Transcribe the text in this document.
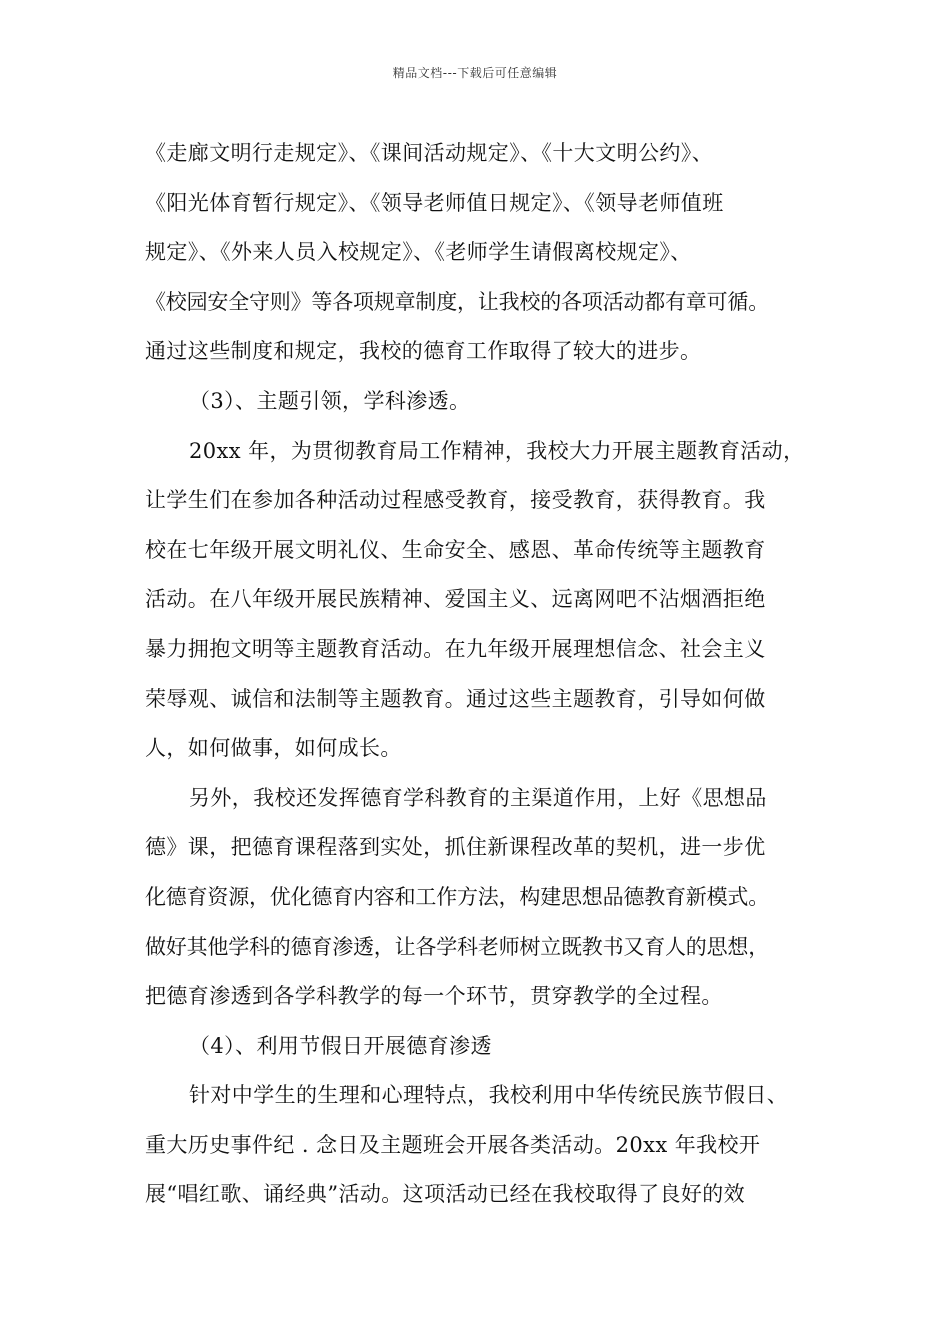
精品文档---下载后可任意编辑
《走廊文明行走规定》、《课间活动规定》、《十大文明公约》、
《阳光体育暂行规定》、《领导老师值日规定》、《领导老师值班
规定》、《外来人员入校规定》、《老师学生请假离校规定》、
《校园安全守则》等各项规章制度，让我校的各项活动都有章可循。
通过这些制度和规定，我校的德育工作取得了较大的进步。
（3）、主题引领，学科渗透。
20xx 年，为贯彻教育局工作精神，我校大力开展主题教育活动，
让学生们在参加各种活动过程感受教育，接受教育，获得教育。我
校在七年级开展文明礼仪、生命安全、感恩、革命传统等主题教育
活动。在八年级开展民族精神、爱国主义、远离网吧不沾烟酒拒绝
暴力拥抱文明等主题教育活动。在九年级开展理想信念、社会主义
荣辱观、诚信和法制等主题教育。通过这些主题教育，引导如何做
人，如何做事，如何成长。
另外，我校还发挥德育学科教育的主渠道作用，上好《思想品
德》课，把德育课程落到实处，抓住新课程改革的契机，进一步优
化德育资源，优化德育内容和工作方法，构建思想品德教育新模式。
做好其他学科的德育渗透，让各学科老师树立既教书又育人的思想，
把德育渗透到各学科教学的每一个环节，贯穿教学的全过程。
（4）、利用节假日开展德育渗透
针对中学生的生理和心理特点，我校利用中华传统民族节假日、
重大历史事件纪 . 念日及主题班会开展各类活动。20xx 年我校开
展“唱红歌、诵经典”活动。这项活动已经在我校取得了良好的效
